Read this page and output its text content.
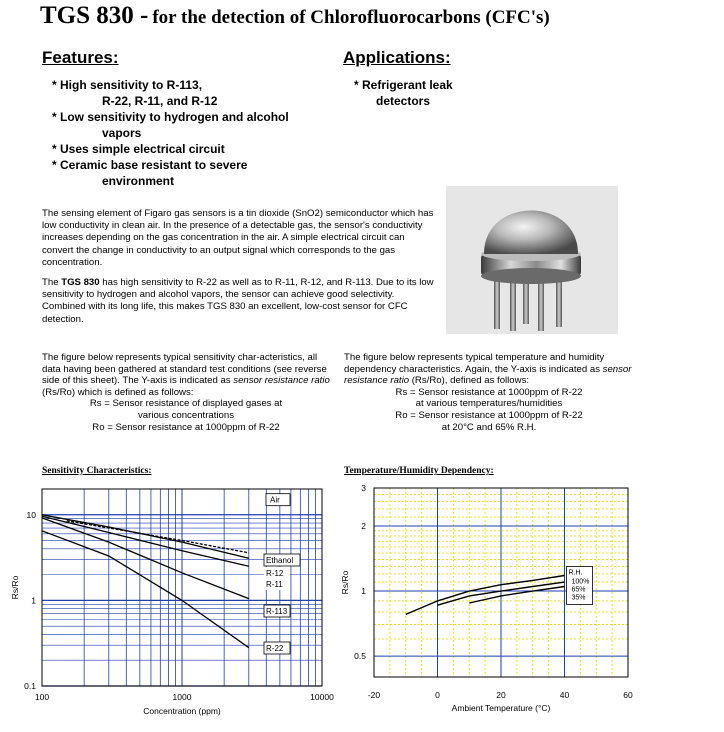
TGS 830 - for the detection of Chlorofluorocarbons (CFC's)
Features:
* High sensitivity to R-113,
R-22, R-11, and R-12
* Low sensitivity to hydrogen and alcohol
vapors
* Uses simple electrical circuit
* Ceramic base resistant to severe
environment
Applications:
* Refrigerant leak
detectors
The sensing element of Figaro gas sensors is a tin dioxide (SnO2) semiconductor which has low conductivity in clean air. In the presence of a detectable gas, the sensor's conductivity increases depending on the gas concentration in the air. A simple electrical circuit can convert the change in conductivity to an output signal which corresponds to the gas concentration.
The TGS 830 has high sensitivity to R-22 as well as to R-11, R-12, and R-113. Due to its low sensitivity to hydrogen and alcohol vapors, the sensor can achieve good selectivity. Combined with its long life, this makes TGS 830 an excellent, low-cost sensor for CFC detection.
The figure below represents typical sensitivity char-acteristics, all data having been gathered at standard test conditions (see reverse side of this sheet). The Y-axis is indicated as sensor resistance ratio (Rs/Ro) which is defined as follows:
Rs = Sensor resistance of displayed gases at
various concentrations
Ro = Sensor resistance at 1000ppm of R-22
The figure below represents typical temperature and humidity dependency characteristics. Again, the Y-axis is indicated as sensor resistance ratio (Rs/Ro), defined as follows:
Rs = Sensor resistance at 1000ppm of R-22
at various temperatures/humidities
Ro = Sensor resistance at 1000ppm of R-22
at 20°C and 65% R.H.
Sensitivity Characteristics:	Temperature/Humidity Dependency:
100	1000	10000
10
1
0.1
Concentration (ppm)
Rs/Ro
Air
Ethanol
R-12
R-11
R-113
R-22
-20	0	20	40	60
3
2
1
0.5
Ambient Temperature (°C)
Rs/Ro	R.H.
100%
65%
35%
